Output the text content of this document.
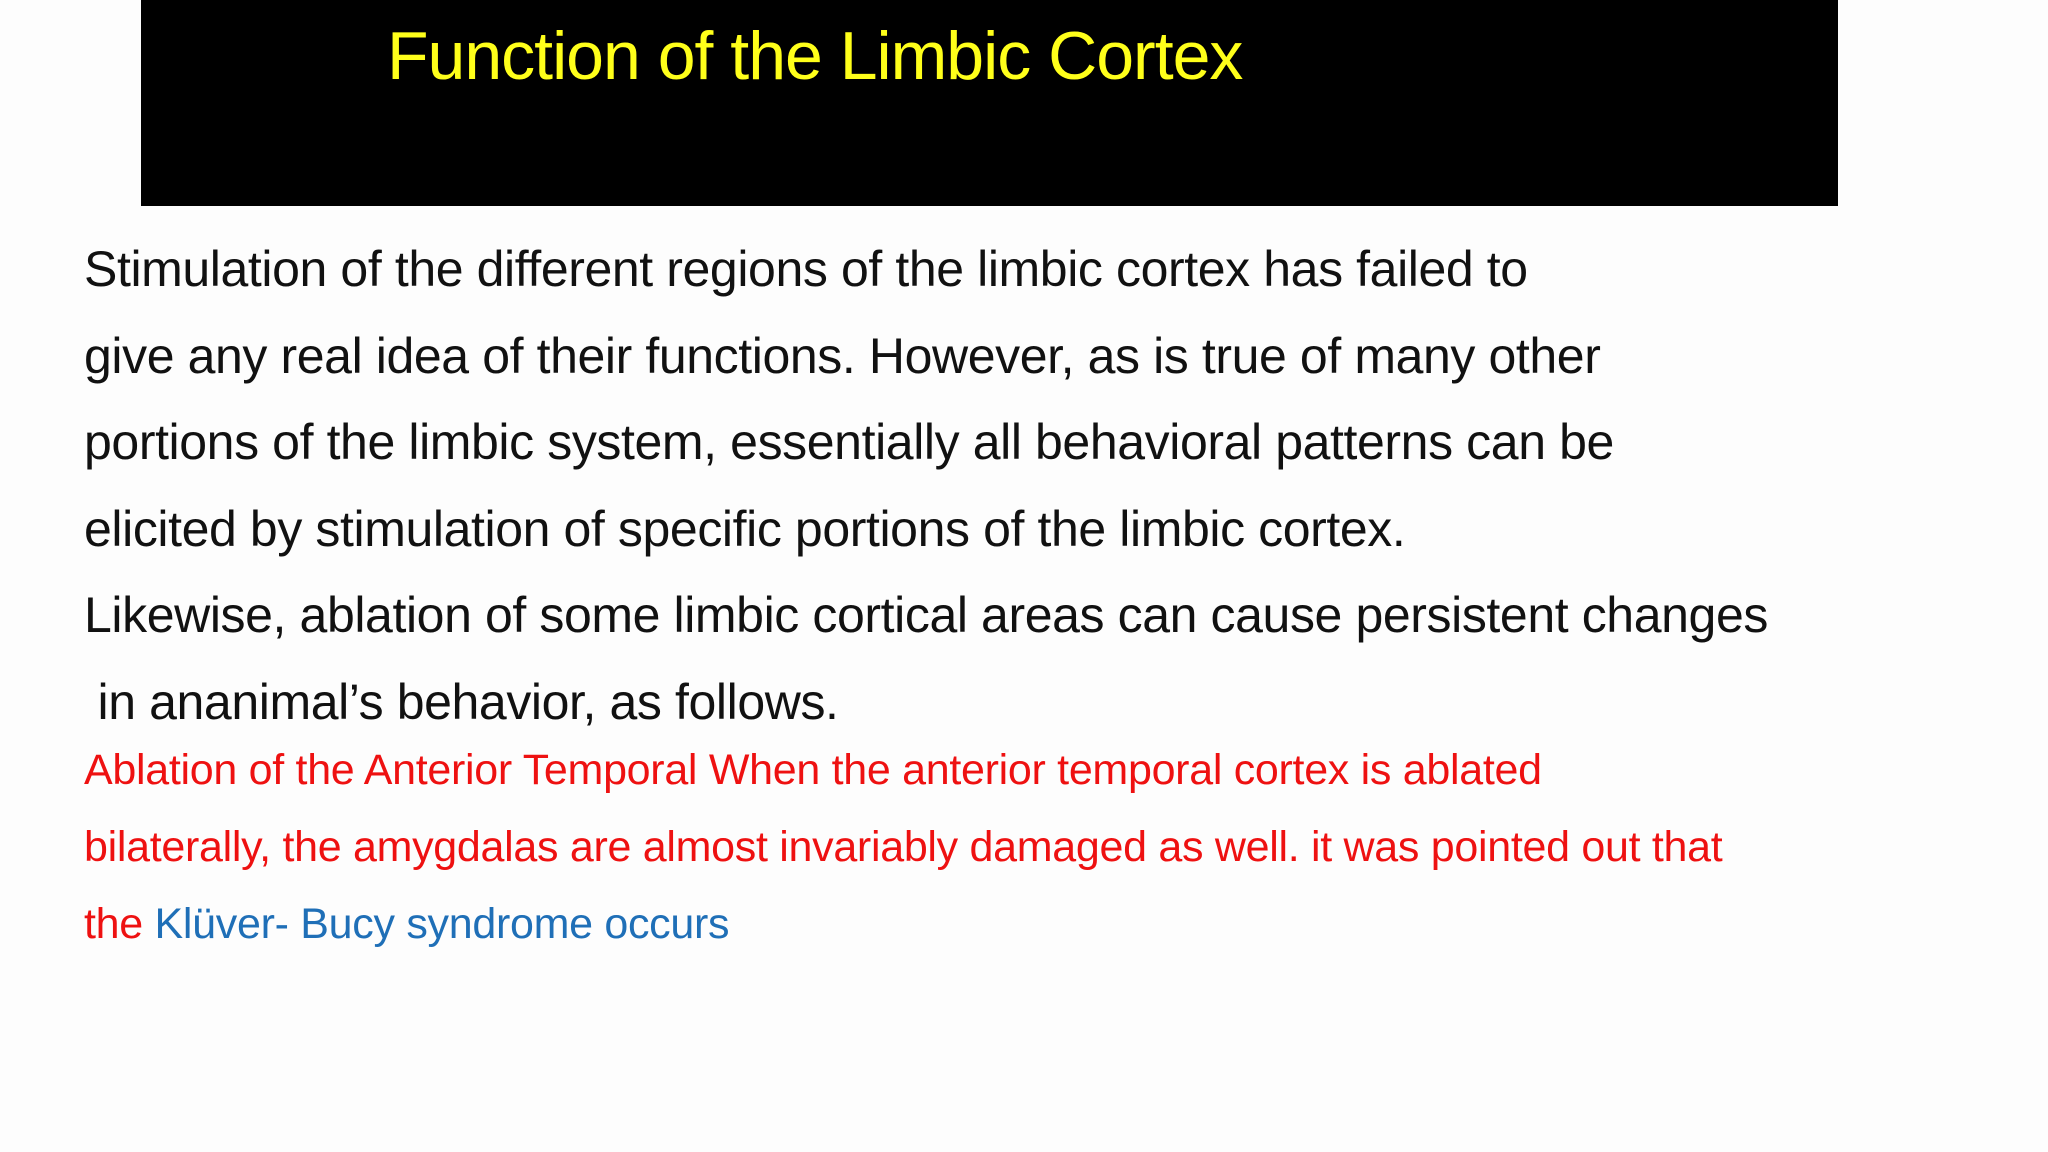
Function of the Limbic Cortex
Stimulation of the different regions of the limbic cortex has failed to
give any real idea of their functions. However, as is true of many other
portions of the limbic system, essentially all behavioral patterns can be
elicited by stimulation of specific portions of the limbic cortex.
Likewise, ablation of some limbic cortical areas can cause persistent changes
in ananimal’s behavior, as follows.
Ablation of the Anterior Temporal When the anterior temporal cortex is ablated
bilaterally, the amygdalas are almost invariably damaged as well. it was pointed out that
the Klüver- Bucy syndrome occurs
